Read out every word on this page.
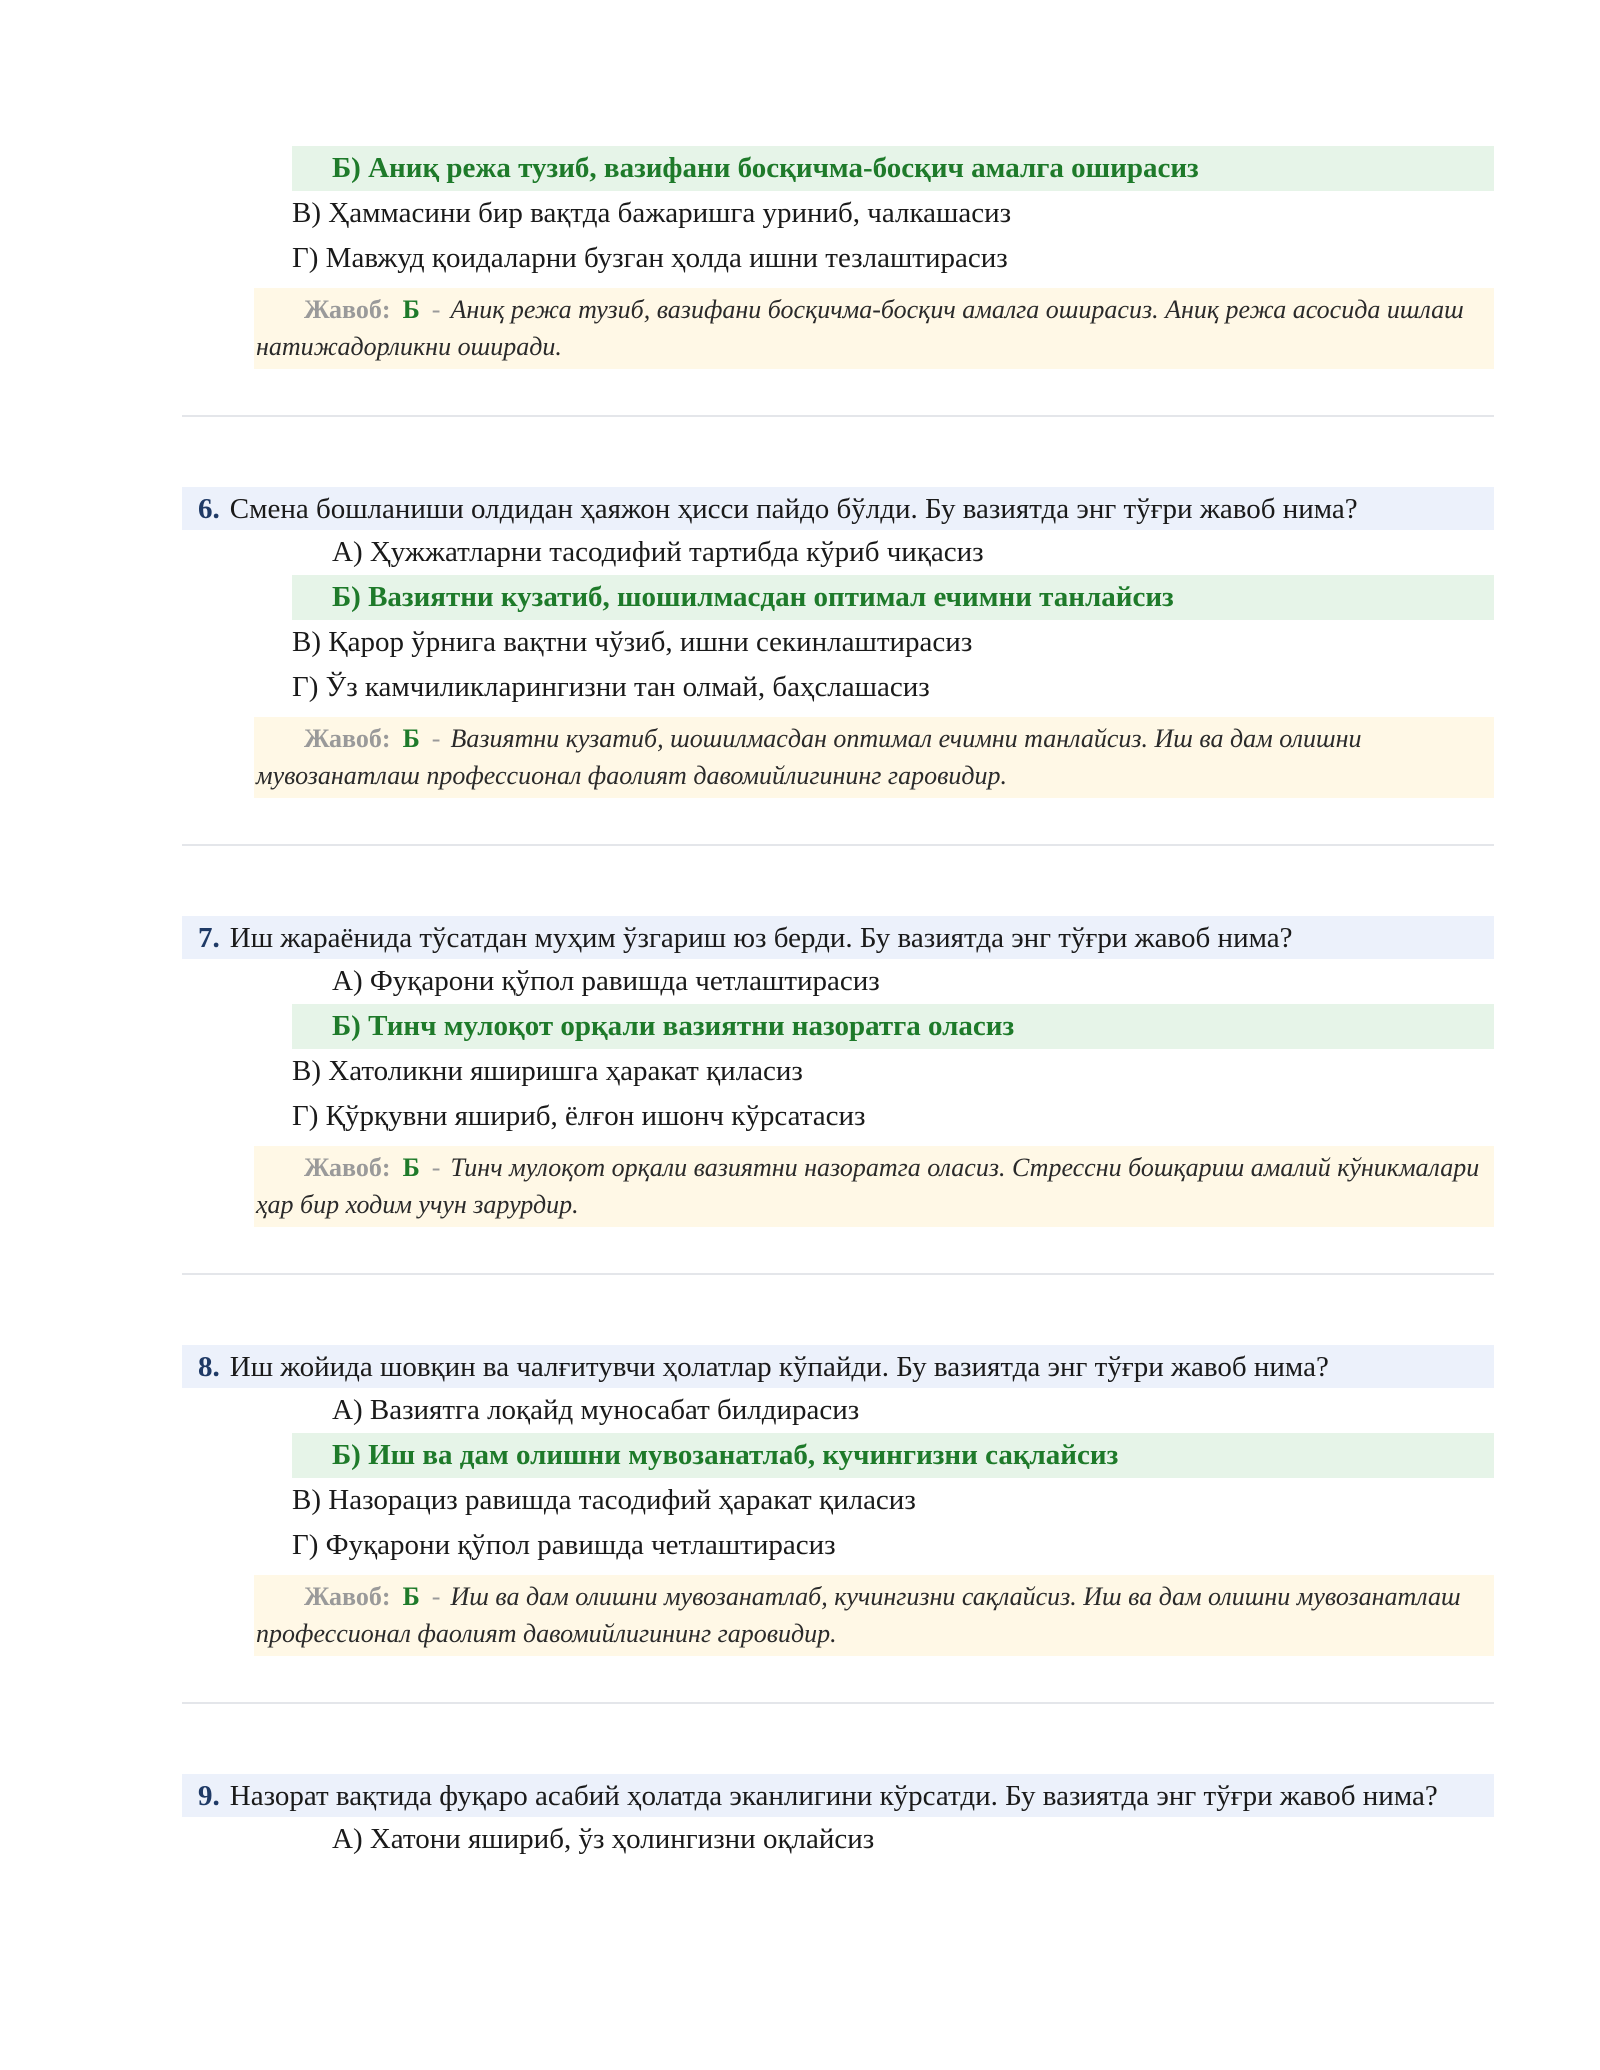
Б) Аниқ режа тузиб, вазифани босқичма-босқич амалга оширасиз
В) Ҳаммасини бир вақтда бажаришга уриниб, чалкашасиз
Г) Мавжуд қоидаларни бузган ҳолда ишни тезлаштирасиз
Жавоб: Б - Аниқ режа тузиб, вазифани босқичма-босқич амалга оширасиз. Аниқ режа асосида ишлаш натижадорликни оширади.
6. Смена бошланиши олдидан ҳаяжон ҳисси пайдо бўлди. Бу вазиятда энг тўғри жавоб нима?
А) Ҳужжатларни тасодифий тартибда кўриб чиқасиз
Б) Вазиятни кузатиб, шошилмасдан оптимал ечимни танлайсиз
В) Қарор ўрнига вақтни чўзиб, ишни секинлаштирасиз
Г) Ўз камчиликларингизни тан олмай, баҳслашасиз
Жавоб: Б - Вазиятни кузатиб, шошилмасдан оптимал ечимни танлайсиз. Иш ва дам олишни мувозанатлаш профессионал фаолият давомийлигининг гаровидир.
7. Иш жараёнида тўсатдан муҳим ўзгариш юз берди. Бу вазиятда энг тўғри жавоб нима?
А) Фуқарони қўпол равишда четлаштирасиз
Б) Тинч мулоқот орқали вазиятни назоратга оласиз
В) Хатоликни яширишга ҳаракат қиласиз
Г) Қўрқувни яшириб, ёлғон ишонч кўрсатасиз
Жавоб: Б - Тинч мулоқот орқали вазиятни назоратга оласиз. Стрессни бошқариш амалий кўникмалари ҳар бир ходим учун зарурдир.
8. Иш жойида шовқин ва чалғитувчи ҳолатлар кўпайди. Бу вазиятда энг тўғри жавоб нима?
А) Вазиятга лоқайд муносабат билдирасиз
Б) Иш ва дам олишни мувозанатлаб, кучингизни сақлайсиз
В) Назорациз равишда тасодифий ҳаракат қиласиз
Г) Фуқарони қўпол равишда четлаштирасиз
Жавоб: Б - Иш ва дам олишни мувозанатлаб, кучингизни сақлайсиз. Иш ва дам олишни мувозанатлаш профессионал фаолият давомийлигининг гаровидир.
9. Назорат вақтида фуқаро асабий ҳолатда эканлигини кўрсатди. Бу вазиятда энг тўғри жавоб нима?
А) Хатони яшириб, ўз ҳолингизни оқлайсиз
